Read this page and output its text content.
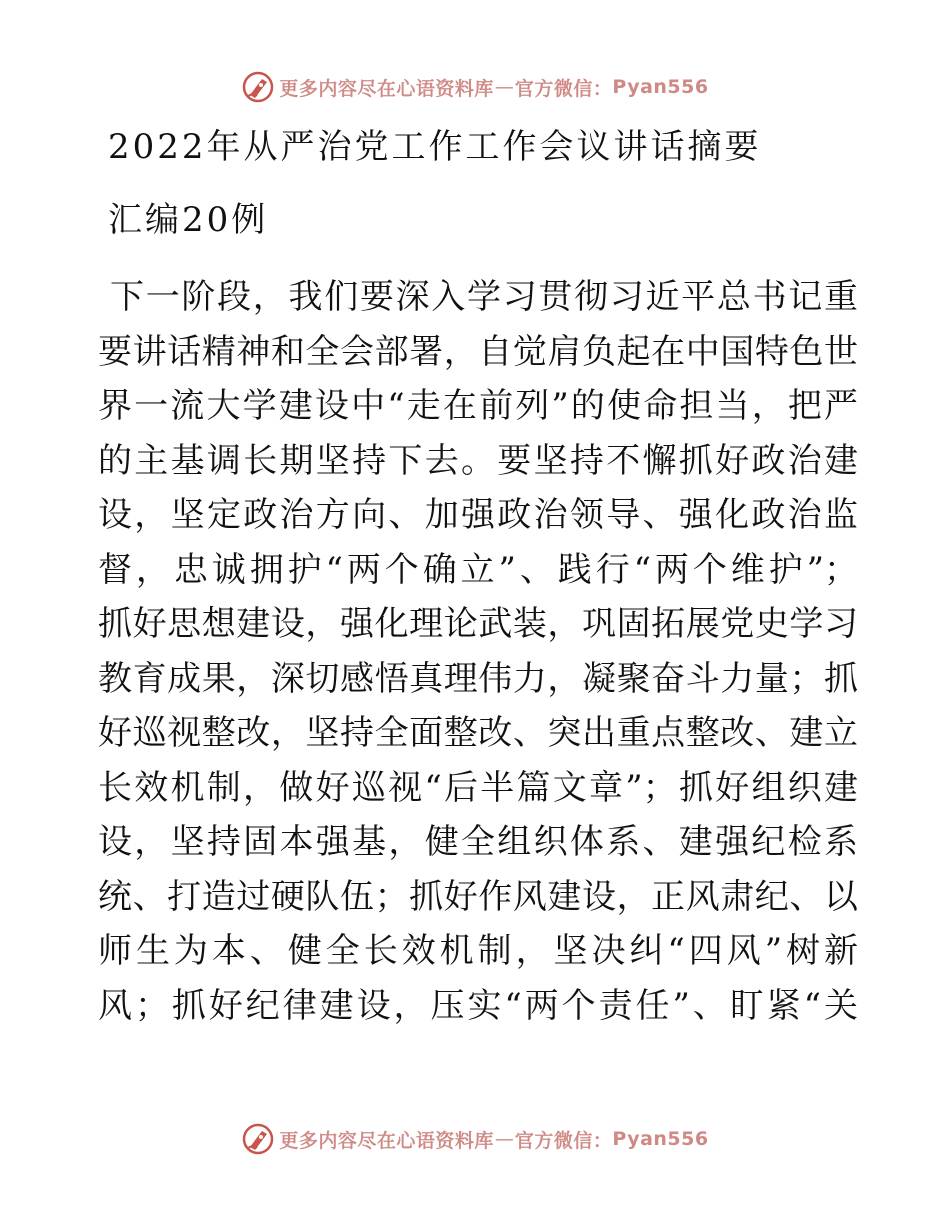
更多内容尽在心语资料库 — 官方微信： Pyan556
2022年从严治党工作工作会议讲话摘要
汇编20例
下一阶段，我们要深入学习贯彻习近平总书记重
要讲话精神和全会部署，自觉肩负起在中国特色世
界一流大学建设中“走在前列”的使命担当，把严
的主基调长期坚持下去。要坚持不懈抓好政治建
设，坚定政治方向、加强政治领导、强化政治监
督，忠诚拥护“两个确立”、践行“两个维护”；
抓好思想建设，强化理论武装，巩固拓展党史学习
教育成果，深切感悟真理伟力，凝聚奋斗力量；抓
好巡视整改，坚持全面整改、突出重点整改、建立
长效机制，做好巡视“后半篇文章”；抓好组织建
设，坚持固本强基，健全组织体系、建强纪检系
统、打造过硬队伍；抓好作风建设，正风肃纪、以
师生为本、健全长效机制，坚决纠“四风”树新
风；抓好纪律建设，压实“两个责任”、盯紧“关
更多内容尽在心语资料库 — 官方微信： Pyan556
